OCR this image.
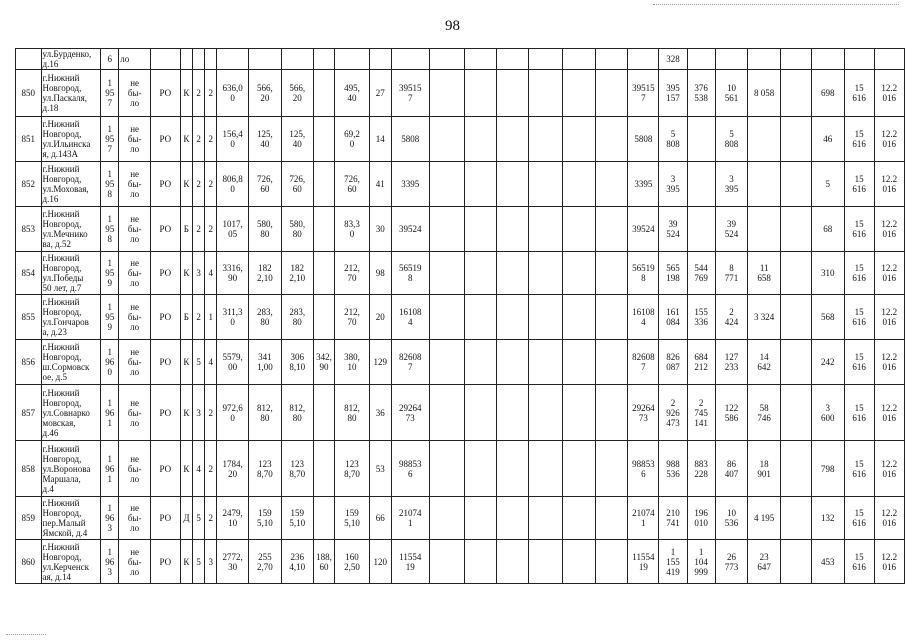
98
	ул.Бурденко,
д.16	6	ло																			328							
850	г.Нижний
Новгород,
ул.Паскаля,
д.18	1
95
7	не
бы-
ло	РО	К	2	2	636,0
0	566,
20	566,
20		495,
40	27	39515
7							39515
7	395
157	376
538	10
561	8 058		698	15
616	12.2
016
851	г.Нижний
Новгород,
ул.Ильинска
я, д.143А	1
95
7	не
бы-
ло	РО	К	2	2	156,4
0	125,
40	125,
40		69,2
0	14	5808							5808	5
808		5
808			46	15
616	12.2
016
852	г.Нижний
Новгород,
ул.Моховая,
д.16	1
95
8	не
бы-
ло	РО	К	2	2	806,8
0	726,
60	726,
60		726,
60	41	3395							3395	3
395		3
395			5	15
616	12.2
016
853	г.Нижний
Новгород,
ул.Мечнико
ва, д.52	1
95
8	не
бы-
ло	РО	Б	2	2	1017,
05	580,
80	580,
80		83,3
0	30	39524							39524	39
524		39
524			68	15
616	12.2
016
854	г.Нижний
Новгород,
ул.Победы
50 лет, д.7	1
95
9	не
бы-
ло	РО	К	3	4	3316,
90	182
2,10	182
2,10		212,
70	98	56519
8							56519
8	565
198	544
769	8
771	11
658		310	15
616	12.2
016
855	г.Нижний
Новгород,
ул.Гончаров
а, д.23	1
95
9	не
бы-
ло	РО	Б	2	1	311,3
0	283,
80	283,
80		212,
70	20	16108
4							16108
4	161
084	155
336	2
424	3 324		568	15
616	12.2
016
856	г.Нижний
Новгород,
ш.Сормовск
ое, д.5	1
96
0	не
бы-
ло	РО	К	5	4	5579,
00	341
1,00	306
8,10	342,
90	380,
10	129	82608
7							82608
7	826
087	684
212	127
233	14
642		242	15
616	12.2
016
857	г.Нижний
Новгород,
ул.Совнарко
мовская,
д.46	1
96
1	не
бы-
ло	РО	К	3	2	972,6
0	812,
80	812,
80		812,
80	36	29264
73							29264
73	2
926
473	2
745
141	122
586	58
746		3
600	15
616	12.2
016
858	г.Нижний
Новгород,
ул.Воронова
Маршала,
д.4	1
96
1	не
бы-
ло	РО	К	4	2	1784,
20	123
8,70	123
8,70		123
8,70	53	98853
6							98853
6	988
536	883
228	86
407	18
901		798	15
616	12.2
016
859	г.Нижний
Новгород,
пер.Малый
Ямской, д.4	1
96
3	не
бы-
ло	РО	Д	5	2	2479,
10	159
5,10	159
5,10		159
5,10	66	21074
1							21074
1	210
741	196
010	10
536	4 195		132	15
616	12.2
016
860	г.Нижний
Новгород,
ул.Керченск
ая, д.14	1
96
3	не
бы-
ло	РО	К	5	3	2772,
30	255
2,70	236
4,10	188,
60	160
2,50	120	11554
19							11554
19	1
155
419	1
104
999	26
773	23
647		453	15
616	12.2
016
